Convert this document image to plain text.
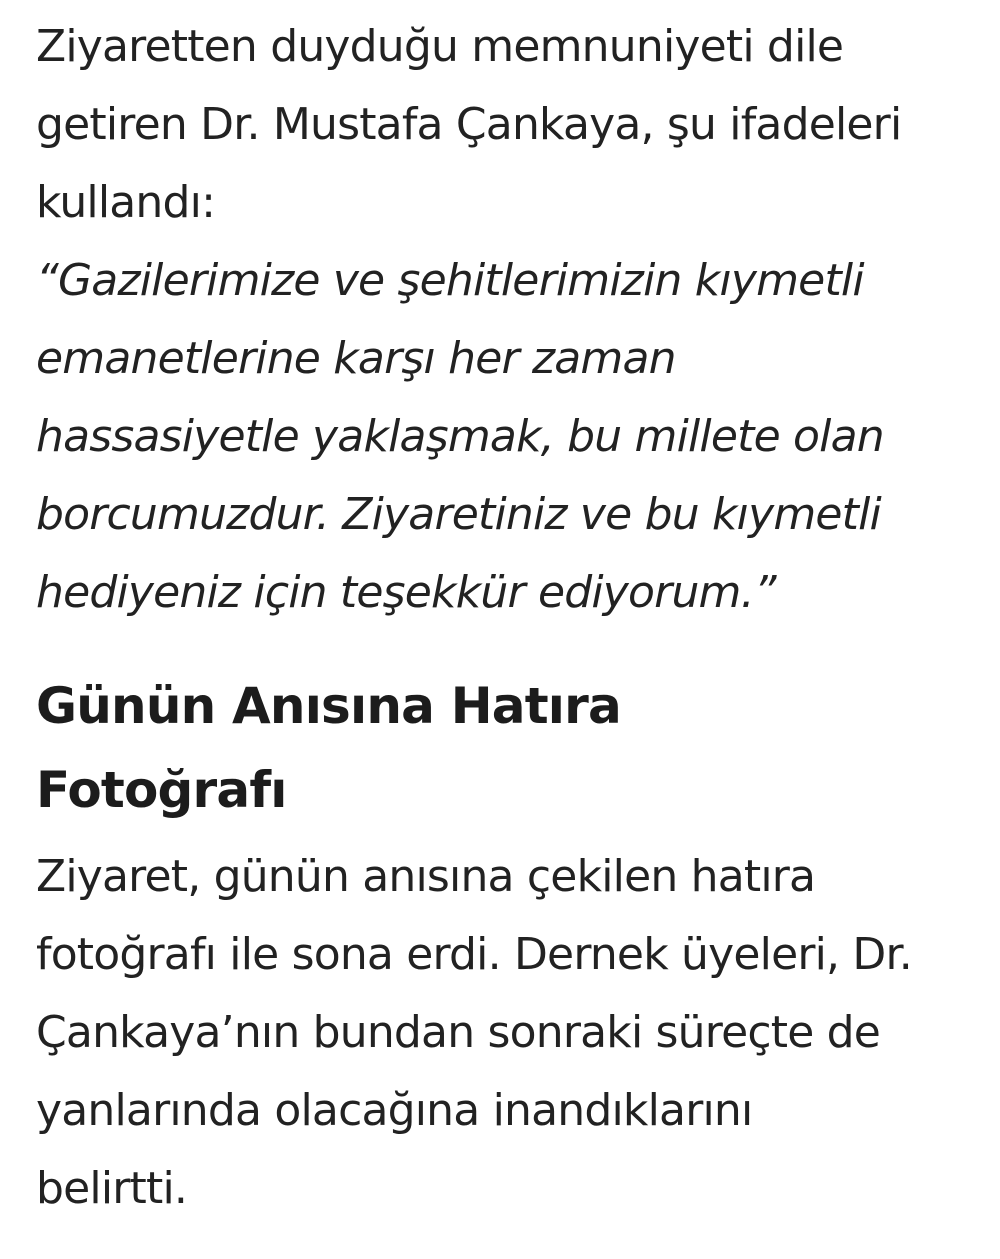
Ziyaretten duyduğu memnuniyeti dile
getiren Dr. Mustafa Çankaya, şu ifadeleri
kullandı:

“Gazilerimize ve şehitlerimizin kıymetli
emanetlerine karşı her zaman
hassasiyetle yaklaşmak, bu millete olan
borcumuzdur. Ziyaretiniz ve bu kıymetli
hediyeniz için teşekkür ediyorum.”
Günün Anısına Hatıra
Fotoğrafı

Ziyaret, günün anısına çekilen hatıra
fotoğrafı ile sona erdi. Dernek üyeleri, Dr.
Çankaya’nın bundan sonraki süreçte de
yanlarında olacağına inandıklarını
belirtti.
